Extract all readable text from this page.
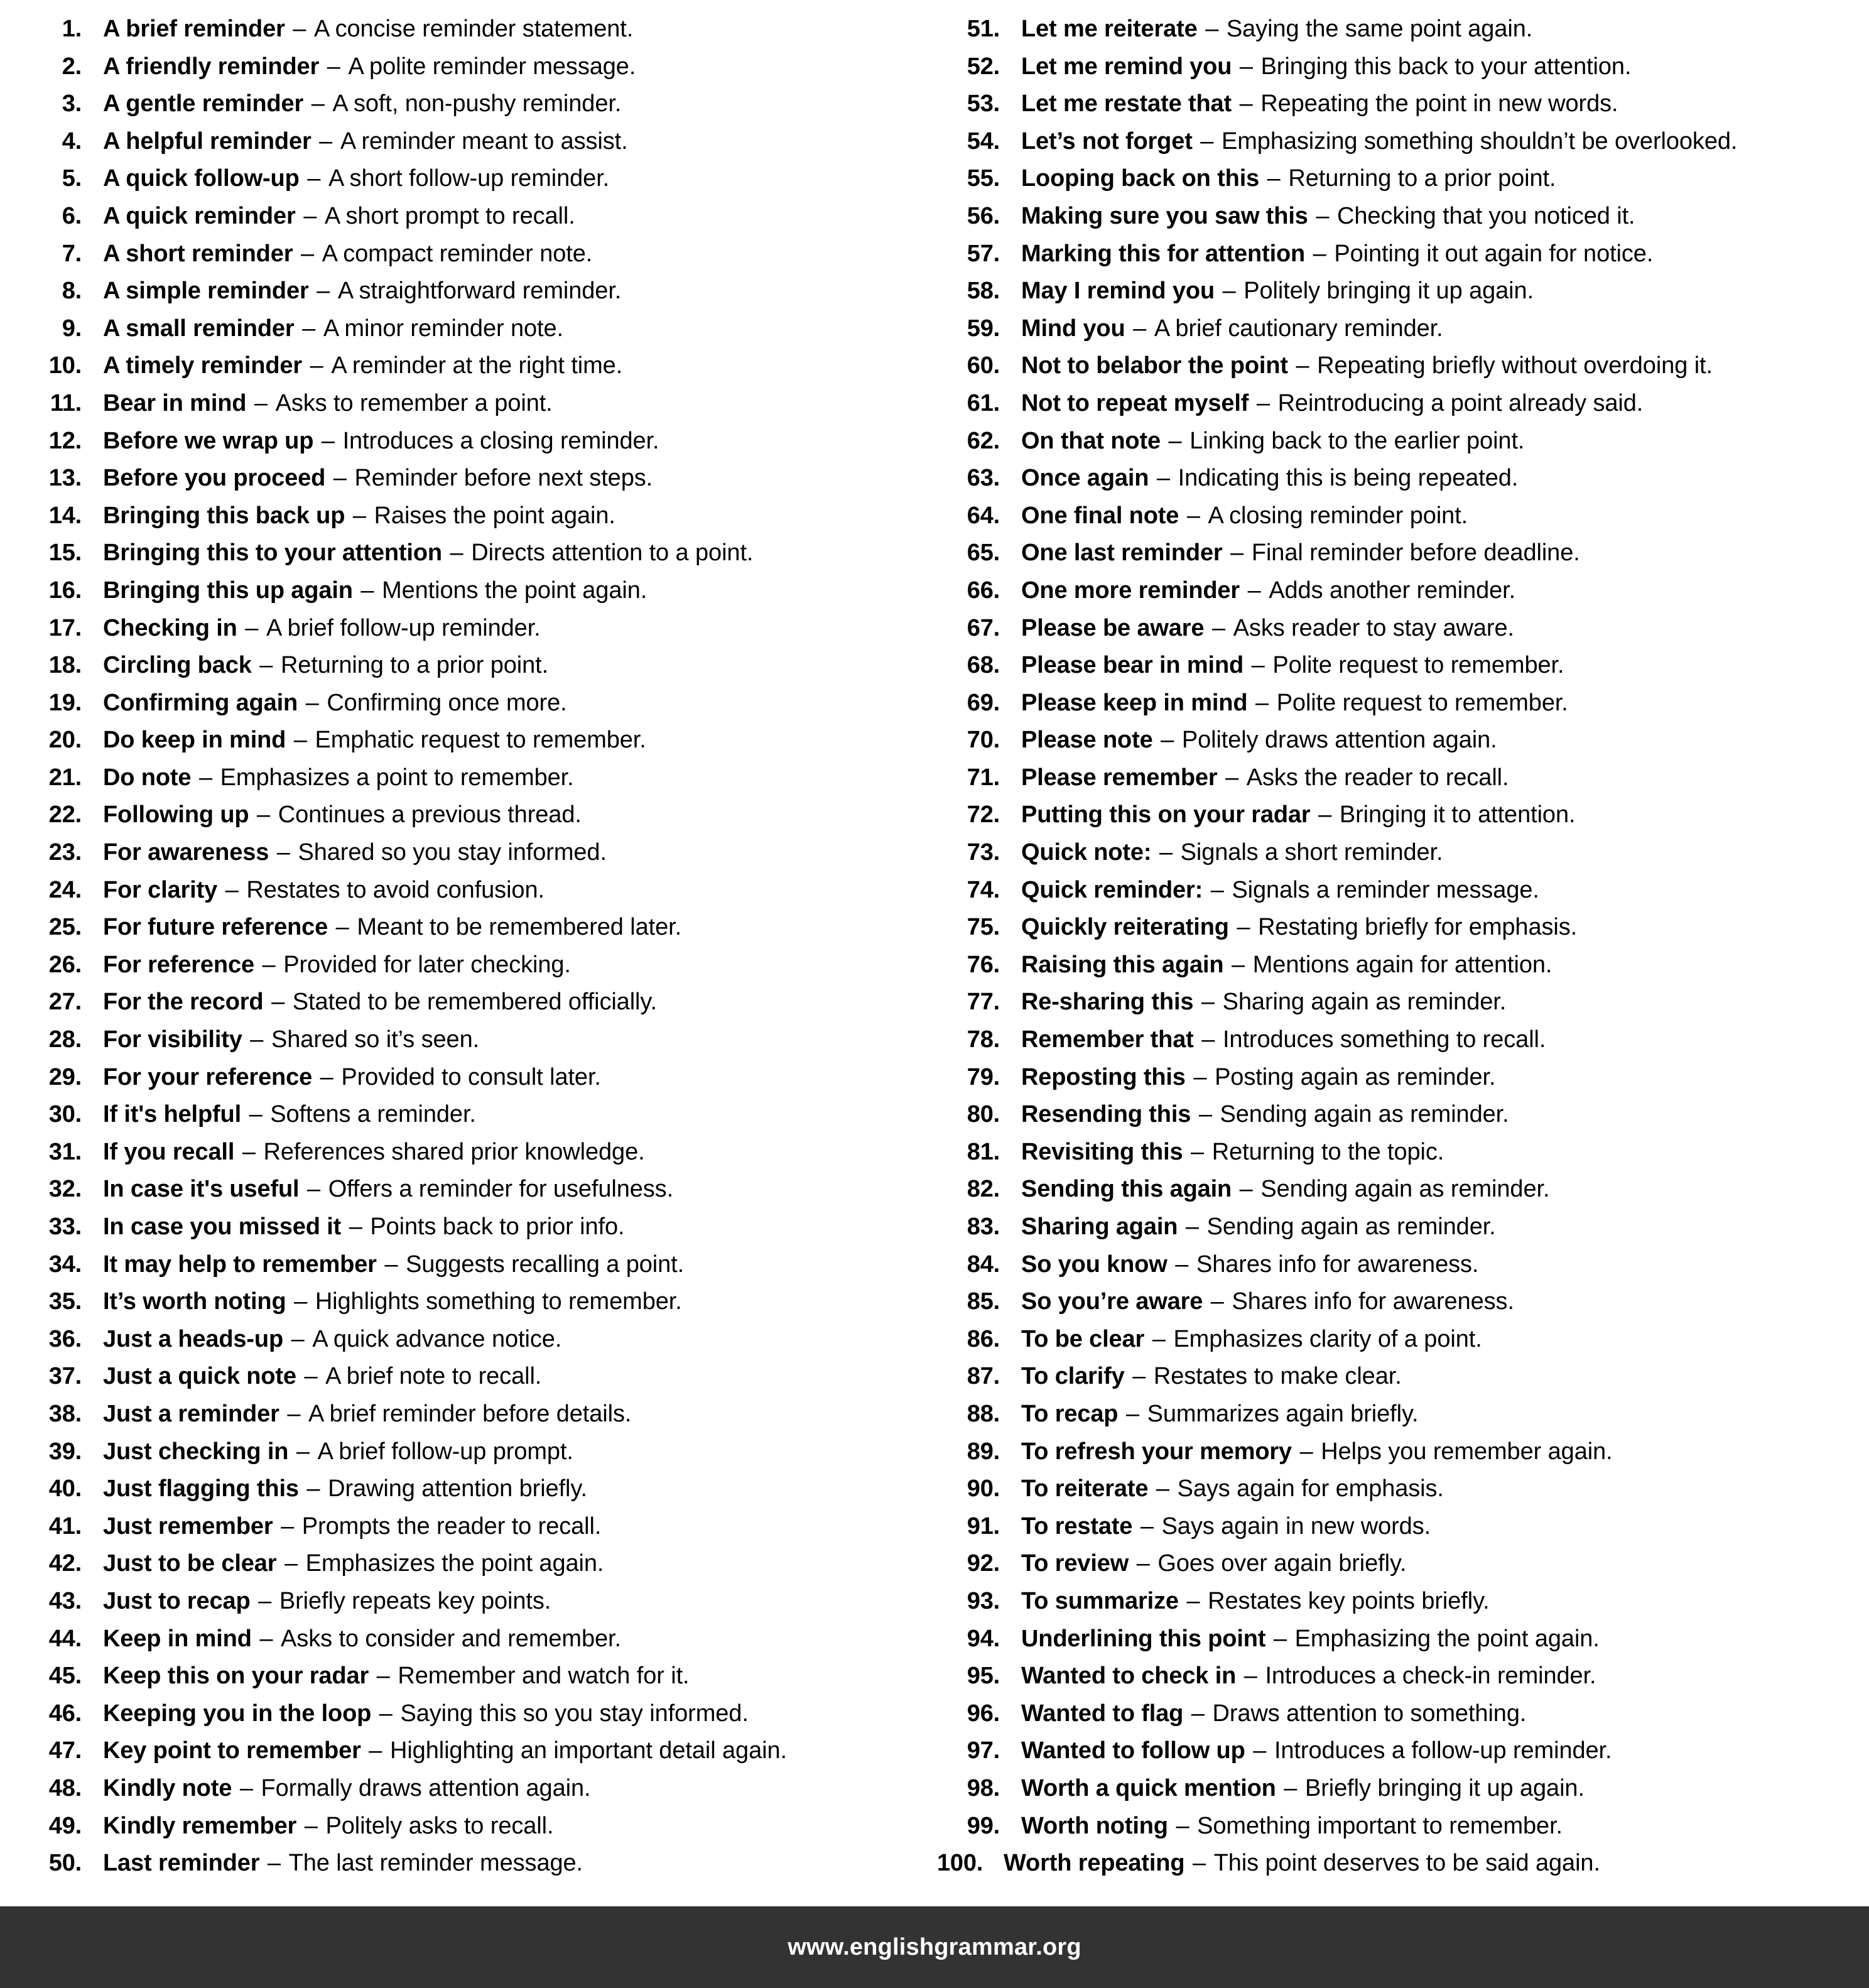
1. A brief reminder – A concise reminder statement.
2. A friendly reminder – A polite reminder message.
3. A gentle reminder – A soft, non-pushy reminder.
4. A helpful reminder – A reminder meant to assist.
5. A quick follow-up – A short follow-up reminder.
6. A quick reminder – A short prompt to recall.
7. A short reminder – A compact reminder note.
8. A simple reminder – A straightforward reminder.
9. A small reminder – A minor reminder note.
10. A timely reminder – A reminder at the right time.
11. Bear in mind – Asks to remember a point.
12. Before we wrap up – Introduces a closing reminder.
13. Before you proceed – Reminder before next steps.
14. Bringing this back up – Raises the point again.
15. Bringing this to your attention – Directs attention to a point.
16. Bringing this up again – Mentions the point again.
17. Checking in – A brief follow-up reminder.
18. Circling back – Returning to a prior point.
19. Confirming again – Confirming once more.
20. Do keep in mind – Emphatic request to remember.
21. Do note – Emphasizes a point to remember.
22. Following up – Continues a previous thread.
23. For awareness – Shared so you stay informed.
24. For clarity – Restates to avoid confusion.
25. For future reference – Meant to be remembered later.
26. For reference – Provided for later checking.
27. For the record – Stated to be remembered officially.
28. For visibility – Shared so it’s seen.
29. For your reference – Provided to consult later.
30. If it's helpful – Softens a reminder.
31. If you recall – References shared prior knowledge.
32. In case it's useful – Offers a reminder for usefulness.
33. In case you missed it – Points back to prior info.
34. It may help to remember – Suggests recalling a point.
35. It’s worth noting – Highlights something to remember.
36. Just a heads-up – A quick advance notice.
37. Just a quick note – A brief note to recall.
38. Just a reminder – A brief reminder before details.
39. Just checking in – A brief follow-up prompt.
40. Just flagging this – Drawing attention briefly.
41. Just remember – Prompts the reader to recall.
42. Just to be clear – Emphasizes the point again.
43. Just to recap – Briefly repeats key points.
44. Keep in mind – Asks to consider and remember.
45. Keep this on your radar – Remember and watch for it.
46. Keeping you in the loop – Saying this so you stay informed.
47. Key point to remember – Highlighting an important detail again.
48. Kindly note – Formally draws attention again.
49. Kindly remember – Politely asks to recall.
50. Last reminder – The last reminder message.
51. Let me reiterate – Saying the same point again.
52. Let me remind you – Bringing this back to your attention.
53. Let me restate that – Repeating the point in new words.
54. Let’s not forget – Emphasizing something shouldn’t be overlooked.
55. Looping back on this – Returning to a prior point.
56. Making sure you saw this – Checking that you noticed it.
57. Marking this for attention – Pointing it out again for notice.
58. May I remind you – Politely bringing it up again.
59. Mind you – A brief cautionary reminder.
60. Not to belabor the point – Repeating briefly without overdoing it.
61. Not to repeat myself – Reintroducing a point already said.
62. On that note – Linking back to the earlier point.
63. Once again – Indicating this is being repeated.
64. One final note – A closing reminder point.
65. One last reminder – Final reminder before deadline.
66. One more reminder – Adds another reminder.
67. Please be aware – Asks reader to stay aware.
68. Please bear in mind – Polite request to remember.
69. Please keep in mind – Polite request to remember.
70. Please note – Politely draws attention again.
71. Please remember – Asks the reader to recall.
72. Putting this on your radar – Bringing it to attention.
73. Quick note: – Signals a short reminder.
74. Quick reminder: – Signals a reminder message.
75. Quickly reiterating – Restating briefly for emphasis.
76. Raising this again – Mentions again for attention.
77. Re-sharing this – Sharing again as reminder.
78. Remember that – Introduces something to recall.
79. Reposting this – Posting again as reminder.
80. Resending this – Sending again as reminder.
81. Revisiting this – Returning to the topic.
82. Sending this again – Sending again as reminder.
83. Sharing again – Sending again as reminder.
84. So you know – Shares info for awareness.
85. So you’re aware – Shares info for awareness.
86. To be clear – Emphasizes clarity of a point.
87. To clarify – Restates to make clear.
88. To recap – Summarizes again briefly.
89. To refresh your memory – Helps you remember again.
90. To reiterate – Says again for emphasis.
91. To restate – Says again in new words.
92. To review – Goes over again briefly.
93. To summarize – Restates key points briefly.
94. Underlining this point – Emphasizing the point again.
95. Wanted to check in – Introduces a check-in reminder.
96. Wanted to flag – Draws attention to something.
97. Wanted to follow up – Introduces a follow-up reminder.
98. Worth a quick mention – Briefly bringing it up again.
99. Worth noting – Something important to remember.
100. Worth repeating – This point deserves to be said again.
www.englishgrammar.org
